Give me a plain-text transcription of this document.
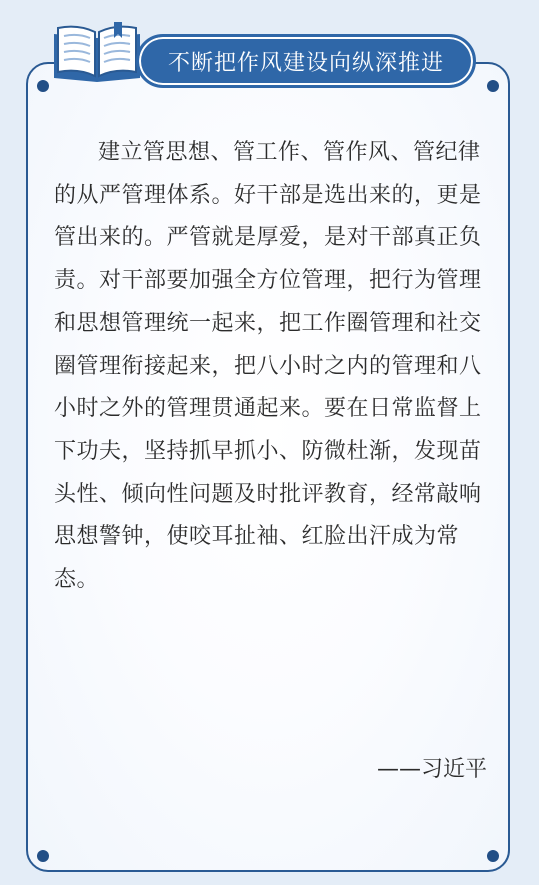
不断把作风建设向纵深推进

建立管思想、管工作、管作风、管纪律的从严管理体系。好干部是选出来的，更是管出来的。严管就是厚爱，是对干部真正负责。对干部要加强全方位管理，把行为管理和思想管理统一起来，把工作圈管理和社交圈管理衔接起来，把八小时之内的管理和八小时之外的管理贯通起来。要在日常监督上下功夫，坚持抓早抓小、防微杜渐，发现苗头性、倾向性问题及时批评教育，经常敲响思想警钟，使咬耳扯袖、红脸出汗成为常态。

——习近平
